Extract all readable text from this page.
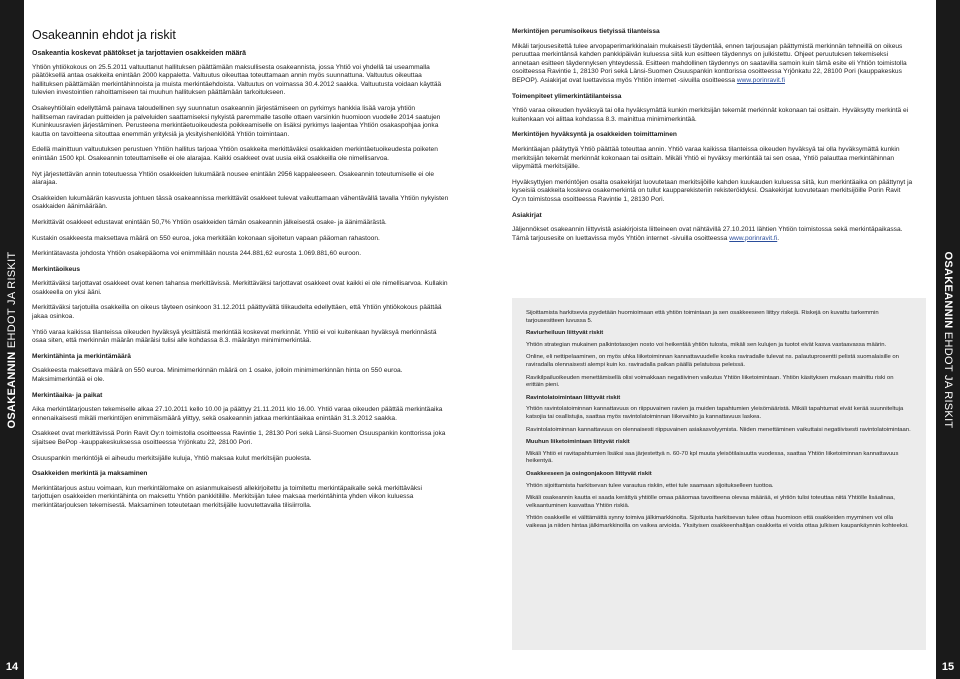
OSAKEANNIN EHDOT JA RISKIT
14
OSAKEANNIN EHDOT JA RISKIT
15
Osakeannin ehdot ja riskit
Osakeantia koskevat päätökset ja tarjottavien osakkeiden määrä

Yhtiön yhtiökokous on 25.5.2011 valtuuttanut hallituksen päättämään maksullisesta osakeannista, jossa Yhtiö voi yhdellä tai useammalla päätöksellä antaa osakkeita enintään 2000 kappaletta. Valtuutus oikeuttaa toteuttamaan annin myös suunnattuna. Valtuutus oikeuttaa hallituksen päättämään merkintähinnoista ja muista merkintäehdoista. Valtuutus on voimassa 30.4.2012 saakka. Valtuutusta voidaan käyttää tulevien investointien rahoittamiseen tai muuhun hallituksen päättämään tarkoitukseen.

Osakeyhtiölain edellyttämä painava taloudellinen syy suunnatun osakeannin järjestämiseen on pyrkimys hankkia lisää varoja yhtiön hallitseman raviradan puitteiden ja palveluiden saattamiseksi nykyistä paremmalle tasolle ottaen varsinkin huomioon vuodelle 2014 saatujen Kuninkuusravien järjestäminen. Perusteena merkintäetuoikeudesta poikkeamiselle on lisäksi pyrkimys laajentaa Yhtiön osakaspohjaa jonka kautta on tavoitteena sitouttaa enemmän yrityksiä ja yksityishenkilöitä Yhtiön toimintaan.

Edellä mainittuun valtuutuksen perustuen Yhtiön hallitus tarjoaa Yhtiön osakkeita merkittäväksi osakkaiden merkintäetuoikeudesta poiketen enintään 1500 kpl. Osakeannin toteuttamiselle ei ole alarajaa. Kaikki osakkeet ovat uusia eikä osakkeilla ole nimellisarvoa.

Nyt järjestettävän annin toteutuessa Yhtiön osakkeiden lukumäärä nousee enintään 2956 kappaleeseen. Osakeannin toteutumiselle ei ole alarajaa.

Osakkeiden lukumäärän kasvusta johtuen tässä osakeannissa merkittävät osakkeet tulevat vaikuttamaan vähentävällä tavalla Yhtiön nykyisten osakkaiden äänimäärään.

Merkittävät osakkeet edustavat enintään 50,7% Yhtiön osakkeiden tämän osakeannin jälkeisestä osake- ja äänimäärästä.

Kustakin osakkeesta maksettava määrä on 550 euroa, joka merkitään kokonaan sijoitetun vapaan pääoman rahastoon.

Merkintätavasta johdosta Yhtiön osakepääoma voi enimmillään nousta 244.881,62 eurosta 1.069.881,60 euroon.

Merkintäoikeus

Merkittäväksi tarjottavat osakkeet ovat kenen tahansa merkittävissä. Merkittäväksi tarjottavat osakkeet ovat kaikki ei ole nimellisarvoa. Kullakin osakkeella on yksi ääni.

Merkittäväksi tarjotuilla osakkeilla on oikeus täyteen osinkoon 31.12.2011 päättyvältä tilikaudelta edellyttäen, että Yhtiön yhtiökokous päättää jakaa osinkoa.

Yhtiö varaa kaikissa tilanteissa oikeuden hyväksyä yksittäistä merkintää koskevat merkinnät. Yhtiö ei voi kuitenkaan hyväksyä merkinnästä osaa siten, että merkinnän määrän määräisi tulisi alle kohdassa 8.3. määrätyn minimimerkintää.

Merkintähinta ja merkintämäärä

Osakkeesta maksettava määrä on 550 euroa. Minimimerkinnän määrä on 1 osake, jolloin minimimerkinnän hinta on 550 euroa. Maksimimerkintää ei ole.

Merkintäaika- ja paikat

Aika merkintätarjousten tekemiselle alkaa 27.10.2011 kello 10.00 ja päättyy 21.11.2011 klo 16.00. Yhtiö varaa oikeuden päättää merkintäaika ennenaikaisesti mikäli merkintöjen enimmäismäärä ylittyy, sekä osakeannin jatkaa merkintäaikaa enintään 31.3.2012 saakka.

Osakkeet ovat merkittävissä Porin Ravit Oy:n toimistolla osoitteessa Ravintie 1, 28130 Pori sekä Länsi-Suomen Osuuspankin konttorissa joka sijaitsee BePop -kauppakeskuksessa osoitteessa Yrjönkatu 22, 28100 Pori.

Osuuspankin merkintöjä ei aiheudu merkitsijälle kuluja, Yhtiö maksaa kulut merkitsijän puolesta.

Osakkeiden merkintä ja maksaminen

Merkintätarjous astuu voimaan, kun merkintälomake on asianmukaisesti allekirjoitettu ja toimitettu merkintäpaikalle sekä merkittäväksi tarjottujen osakkeiden merkintähinta on maksettu Yhtiön pankkitilille. Merkitsijän tulee maksaa merkintähinta yhden viikon kuluessa merkintätarjouksen tekemisestä. Maksaminen toteutetaan merkitsijälle luovutettavalla tilisiirrolla.

Merkintöjen perumisoikeus tietyissä tilanteissa

Mikäli tarjousesitettä tulee arvopaperimarkkinalain mukaisesti täydentää, ennen tarjousajan päättymistä merkinnän tehneillä on oikeus peruuttaa merkintänsä kahden pankkipäivän kuluessa siitä kun esitteen täydennys on julkistettu. Ohjeet peruutuksen tekemiseksi annetaan esitteen täydennyksen yhteydessä. Esitteen mahdollinen täydennys on saatavilla samoin kuin tämä esite eli Yhtiön toimistolla osoitteessa Ravintie 1, 28130 Pori sekä Länsi-Suomen Osuuspankin konttorissa osoitteessa Yrjönkatu 22, 28100 Pori (kauppakeskus BEPOP). Asiakirjat ovat luettavissa myös Yhtiön internet -sivuilla osoitteessa www.porinravit.fi

Toimenpiteet ylimerkintätilanteissa

Yhtiö varaa oikeuden hyväksyä tai olla hyväksymättä kunkin merkitsijän tekemät merkinnät kokonaan tai osittain. Hyväksytty merkintä ei kuitenkaan voi alittaa kohdassa 8.3. mainittua minimimerkintää.

Merkintöjen hyväksyntä ja osakkeiden toimittaminen

Merkintäajan päätyttyä Yhtiö päättää toteuttaa annin. Yhtiö varaa kaikissa tilanteissa oikeuden hyväksyä tai olla hyväksymättä kunkin merkitsijän tekemät merkinnät kokonaan tai osittain. Mikäli Yhtiö ei hyväksy merkintää tai sen osaa, Yhtiö palauttaa merkintähinnan viipymättä merkitsijälle.

Hyväksyttyjen merkintöjen osalta osakekirjat luovutetaan merkitsijöille kahden kuukauden kuluessa siitä, kun merkintäaika on päättynyt ja kyseisiä osakkeita koskeva osakemerkintä on tullut kaupparekisteriin rekisteröidyksi. Osakekirjat luovutetaan merkitsijöille Porin Ravit Oy:n toimistossa osoitteessa Ravintie 1, 28130 Pori.

Asiakirjat

Jäljennökset osakeannin liittyvistä asiakirjoista liitteineen ovat nähtävillä 27.10.2011 lähtien Yhtiön toimistossa sekä merkintäpaikassa. Tämä tarjousesite on luettavissa myös Yhtiön internet -sivuilla osoitteessa www.porinravit.fi.

Sijoittamista harkitsevia pyydetään huomioimaan että yhtiön toimintaan ja sen osakkeeseen liittyy riskejä. Riskejä on kuvattu tarkemmin tarjousesitteen luvussa 5.

Raviurheiluun liittyvät riskit

Yhtiön strategian mukainen palkintotasojen nosto voi heikentää yhtiön tulosta, mikäli sen kulujen ja tuotot eivät kasva vastaavassa määrin.

Online, eli nettipelaaminen, on myös uhka liiketoiminnan kannattavuudelle koska raviradalle tulevat ns. palautuprosentti pelistä suomalaisille on raviradalla olennaisesti alempi kuin ko. raviradalla paikan päällä pelatuissa peleissä.

Ravikilpailuoikeuden menettämisellä olisi voimakkaan negatiivinen vaikutus Yhtiön liiketoimintaan. Yhtiön käsityksen mukaan mainittu riski on erittäin pieni.

Ravintolatoimintaan liittyvät riskit

Yhtiön ravintolatoiminnan kannattavuus on riippuvainen ravien ja muiden tapahtumien yleisömääristä. Mikäli tapahtumat eivät kerää suunniteltuja katsojia tai osallistujia, saattaa myös ravintolatoiminnan liikevaihto ja kannattavuus laskea.

Ravintolatoiminnan kannattavuus on olennaisesti riippuvainen asiakasvolyymista. Niiden menettäminen vaikuttaisi negatiivisesti ravintolatoimintaan.

Muuhun liiketoimintaan liittyvät riskit

Mikäli Yhtiö ei ravitapahtumien lisäksi saa järjestettyä n. 60-70 kpl muuta yleisötilaisuutta vuodessa, saattaa Yhtiön liiketoiminnan kannattavuus heikentyä.

Osakkeeseen ja osingonjakoon liittyvät riskit

Yhtiön sijoittamista harkitsevan tulee varautua riskiin, ettei tule saamaan sijoitukselleen tuottoa.

Mikäli osakeannin kautta ei saada kerättyä yhtiölle omaa pääomaa tavoitteena olevaa määrää, ei yhtiön tulisi toteuttaa niitä Yhtiölle lisäalinaa, velkaantuminen kasvattaa Yhtiön riskiä.

Yhtiön osakkeille ei välttämättä synny toimiva jälkimarkkinoita. Sijoitusta harkitsevan tulee ottaa huomioon että osakkeiden myyminen voi olla vaikeaa ja niiden hintaa jälkimarkkinoilla on vaikea arvioida. Yksityisen osakkeenhaltijan osakkeita ei voida ottaa julkisen kaupankäynnin kohteeksi.
